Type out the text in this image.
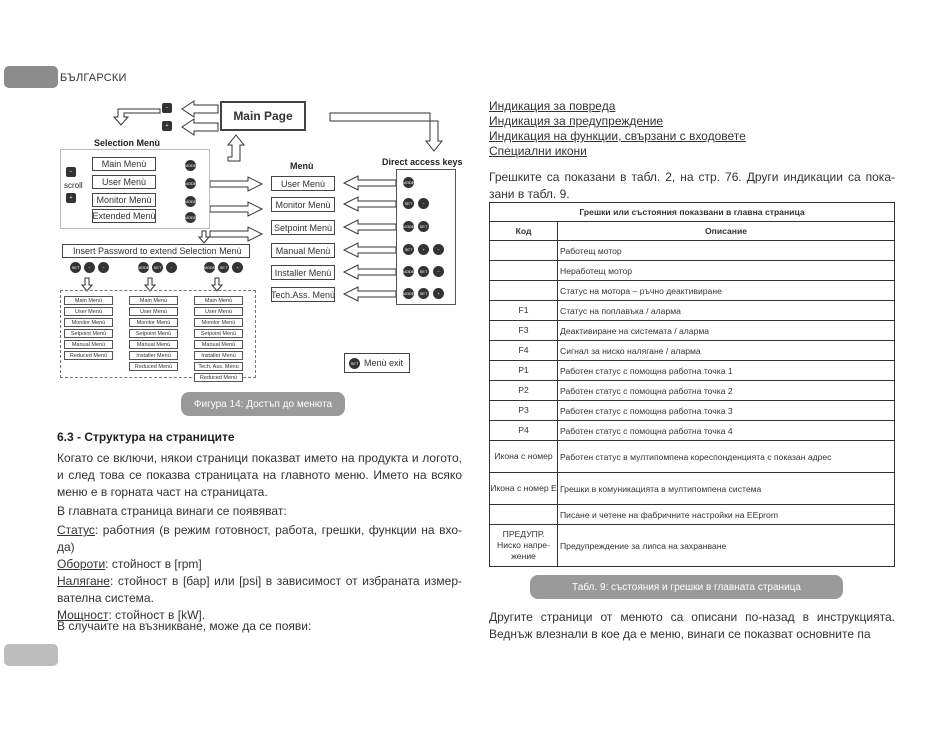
БЪЛГАРСКИ
−
+
Main Page
Selection Menù
−
scroll
+
Main Menù
User Menù
Monitor Menù
Extended Menù
MODE
MODE
MODE
MODE
Menù
User Menù
Monitor Menù
Setpoint Menù
Manual Menù
Installer Menù
Tech.Ass. Menù
Direct access keys
MODE
SET −
MODE SET
SET +	−
MODE SET −
MODE SET +
Insert Password to extend Selection Menù
SET −	−	MODE SET −	MODE SET +
Main Menù
User Menù
Monitor Menù
Setpoint Menù
Manual Menù
Reduced Menù
Main Menù
User Menù
Monitor Menù
Setpoint Menù
Manual Menù
Installer Menù
Reduced Menù
Main Menù
User Menù
Monitor Menù
Setpoint Menù
Manual Menù
Installer Menù
Tech. Ass. Menù
Reduced Menù
SET Menù exit
Фигура 14: Достъп до менюта
6.3 - Структура на страниците
Когато се включи, някои страници показват името на продукта и логото, и след това се показва страницата на главното меню. Името на всяко меню е в горната част на страницата.
В главната страница винаги се появяват:
Статус: работния (в режим готовност, работа, грешки, функции на входа)
Обороти: стойност в [rpm]
Налягане: стойност в [бар] или [psi] в зависимост от избраната измервателна система.
Мощност: стойност в [kW].
В случаите на възникване, може да се появи:
Индикация за повреда
Индикация за предупреждение
Индикация на функции, свързани с входовете
Специални икони
Грешките са показани в табл. 2, на стр. 76. Други индикации са показани в табл. 9.
Грешки или състояния показвани в главна страница	
Код	Описание
	Работещ мотор
	Неработещ мотор
	Статус на мотора – ръчно деактивиране
F1	Статус на поплавъка / аларма
F3	Деактивиране на системата / аларма
F4	Сигнал за ниско налягане / аларма
P1	Работен статус с помощна работна точка 1
P2	Работен статус с помощна работна точка 2
P3	Работен статус с помощна работна точка 3
P4	Работен статус с помощна работна точка 4
Икона с номер	Работен статус в мултипомпена кореспонденцията с показан адрес
Икона с номер Е	Грешки в комуникацията в мултипомпена система
	Писане и четене на фабричните настройки на EEprom
ПРЕДУПР. Ниско напрежение	Предупреждение за липса на захранване
Табл. 9: състояния и грешки в главната страница
Другите страници от менюто са описани по-назад в инструкцията. Веднъж влезнали в кое да е меню, винаги се показват основните па
